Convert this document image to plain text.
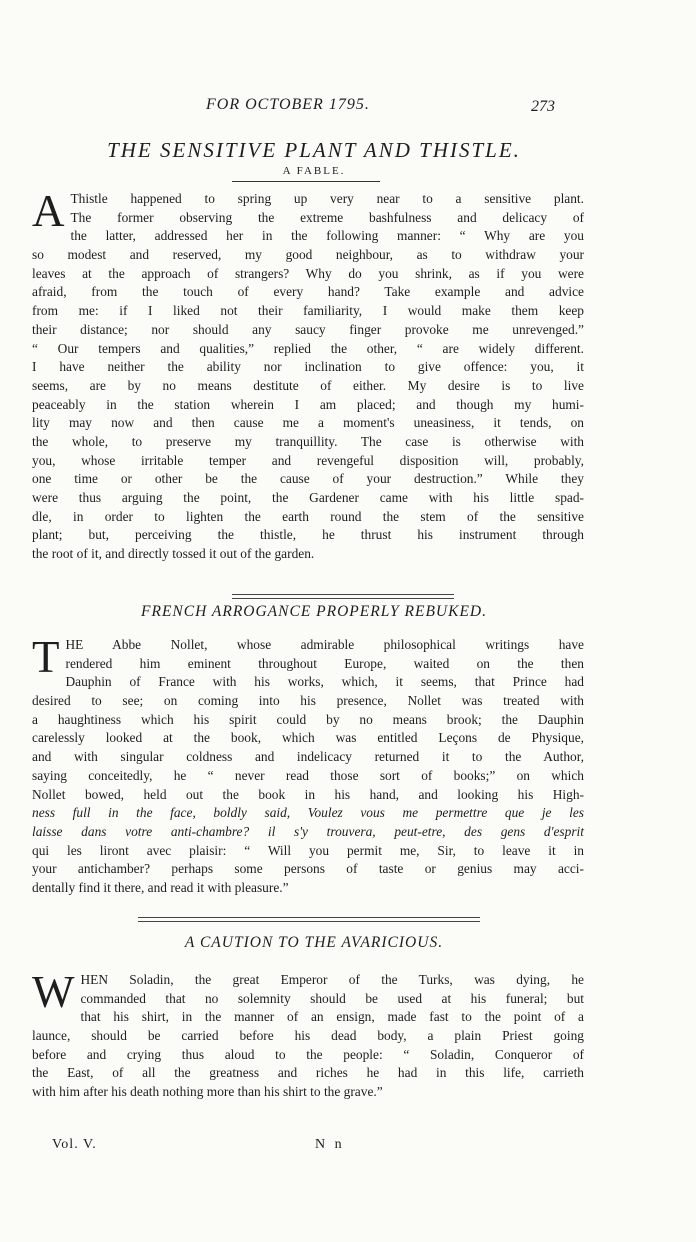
FOR OCTOBER 1795.	273
THE SENSITIVE PLANT AND THISTLE.
A FABLE.
A Thistle happened to spring up very near to a sensitive plant.
The former observing the extreme bashfulness and delicacy of
the latter, addressed her in the following manner: “ Why are you
so modest and reserved, my good neighbour, as to withdraw your
leaves at the approach of strangers? Why do you shrink, as if you were
afraid, from the touch of every hand? Take example and advice
from me: if I liked not their familiarity, I would make them keep
their distance; nor should any saucy finger provoke me unrevenged.”
“ Our tempers and qualities,” replied the other, “ are widely different.
I have neither the ability nor inclination to give offence: you, it
seems, are by no means destitute of either. My desire is to live
peaceably in the station wherein I am placed; and though my humi-
lity may now and then cause me a moment's uneasiness, it tends, on
the whole, to preserve my tranquillity. The case is otherwise with
you, whose irritable temper and revengeful disposition will, probably,
one time or other be the cause of your destruction.” While they
were thus arguing the point, the Gardener came with his little spad-
dle, in order to lighten the earth round the stem of the sensitive
plant; but, perceiving the thistle, he thrust his instrument through
the root of it, and directly tossed it out of the garden.
FRENCH ARROGANCE PROPERLY REBUKED.
T HE Abbe Nollet, whose admirable philosophical writings have
rendered him eminent throughout Europe, waited on the then
Dauphin of France with his works, which, it seems, that Prince had
desired to see; on coming into his presence, Nollet was treated with
a haughtiness which his spirit could by no means brook; the Dauphin
carelessly looked at the book, which was entitled Leçons de Physique,
and with singular coldness and indelicacy returned it to the Author,
saying conceitedly, he “ never read those sort of books;” on which
Nollet bowed, held out the book in his hand, and looking his High-
ness full in the face, boldly said, Voulez vous me permettre que je les
laisse dans votre anti-chambre? il s'y trouvera, peut-etre, des gens d'esprit
qui les liront avec plaisir: “ Will you permit me, Sir, to leave it in
your antichamber? perhaps some persons of taste or genius may acci-
dentally find it there, and read it with pleasure.”
A CAUTION TO THE AVARICIOUS.
W HEN Soladin, the great Emperor of the Turks, was dying, he
commanded that no solemnity should be used at his funeral; but
that his shirt, in the manner of an ensign, made fast to the point of a
launce, should be carried before his dead body, a plain Priest going
before and crying thus aloud to the people: “ Soladin, Conqueror of
the East, of all the greatness and riches he had in this life, carrieth
with him after his death nothing more than his shirt to the grave.”
Vol. V.	N n
